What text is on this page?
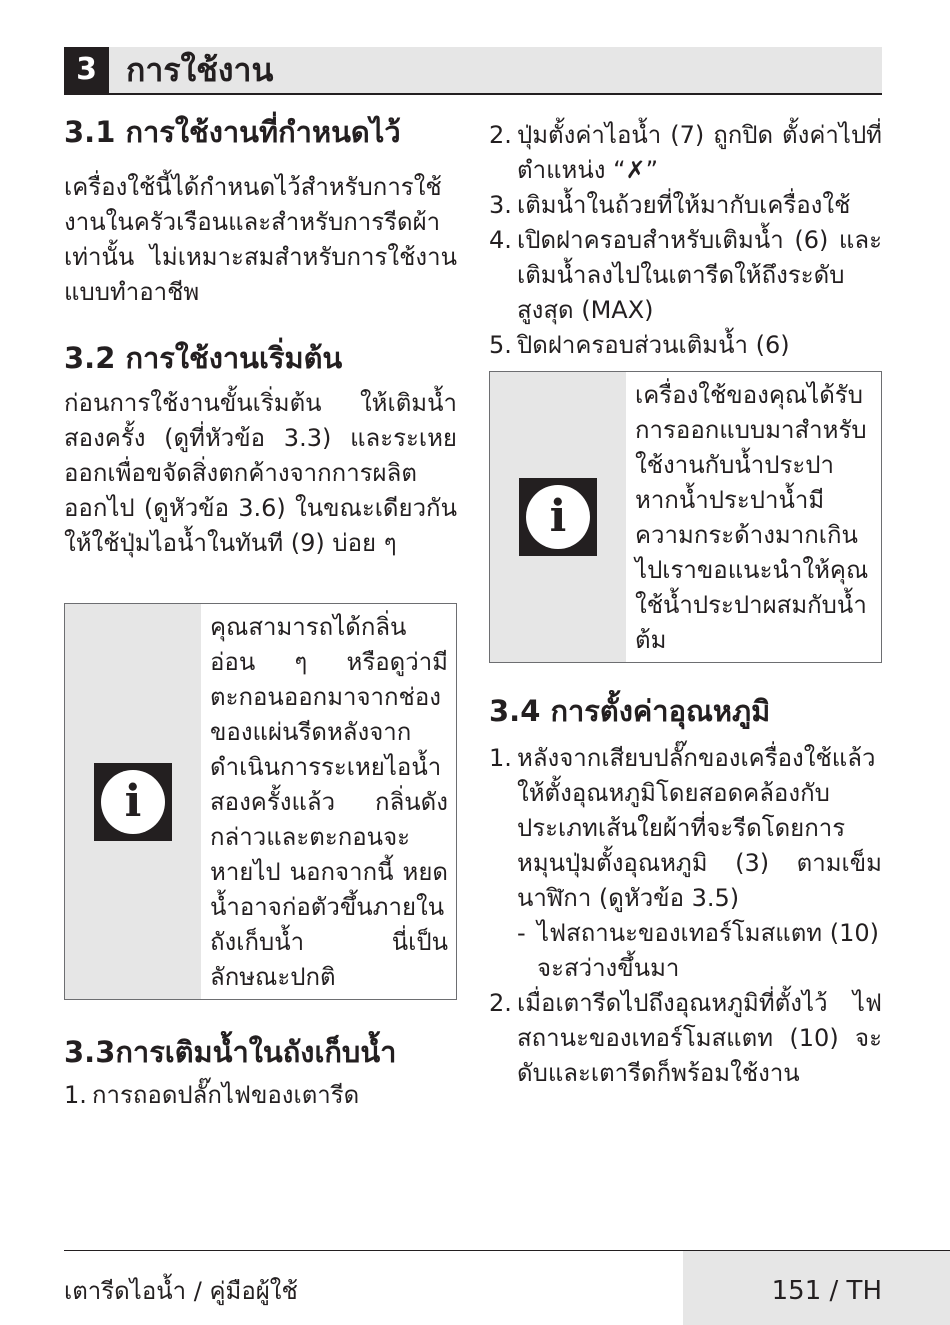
3 การใช้งาน
3.1 การใช้งานที่กำหนดไว้

เครื่องใช้นี้ได้กำหนดไว้สำหรับการใช้งานในครัวเรือนและสำหรับการรีดผ้าเท่านั้น ไม่เหมาะสมสำหรับการใช้งานแบบทำอาชีพ

3.2 การใช้งานเริ่มต้น

ก่อนการใช้งานขั้นเริ่มต้น ให้เติมน้ำสองครั้ง (ดูที่หัวข้อ 3.3) และระเหยออกเพื่อขจัดสิ่งตกค้างจากการผลิตออกไป (ดูหัวข้อ 3.6) ในขณะเดียวกัน ให้ใช้ปุ่มไอน้ำในทันที (9) บ่อย ๆ

i
คุณสามารถได้กลิ่นอ่อน ๆ หรือดูว่ามีตะกอนออกมาจากช่องของแผ่นรีดหลังจากดำเนินการระเหยไอน้ำสองครั้งแล้ว กลิ่นดังกล่าวและตะกอนจะหายไป นอกจากนี้ หยดน้ำอาจก่อตัวขึ้นภายในถังเก็บน้ำ นี่เป็นลักษณะปกติ
3.3การเติมน้ำในถังเก็บน้ำ
1. การถอดปลั๊กไฟของเตารีด
2. ปุ่มตั้งค่าไอน้ำ (7) ถูกปิด ตั้งค่าไปที่ตำแหน่ง “✗”
3. เติมน้ำในถ้วยที่ให้มากับเครื่องใช้
4. เปิดฝาครอบสำหรับเติมน้ำ (6) และเติมน้ำลงไปในเตารีดให้ถึงระดับสูงสุด (MAX)
5. ปิดฝาครอบส่วนเติมน้ำ (6)
i
เครื่องใช้ของคุณได้รับการออกแบบมาสำหรับใช้งานกับน้ำประปา หากน้ำประปาน้ำมีความกระด้างมากเกินไปเราขอแนะนำให้คุณใช้น้ำประปาผสมกับน้ำต้ม
3.4 การตั้งค่าอุณหภูมิ
1. หลังจากเสียบปลั๊กของเครื่องใช้แล้ว ให้ตั้งอุณหภูมิโดยสอดคล้องกับประเภทเส้นใยผ้าที่จะรีดโดยการหมุนปุ่มตั้งอุณหภูมิ (3) ตามเข็มนาฬิกา (ดูหัวข้อ 3.5)
- ไฟสถานะของเทอร์โมสแตท (10) จะสว่างขึ้นมา
2. เมื่อเตารีดไปถึงอุณหภูมิที่ตั้งไว้ ไฟสถานะของเทอร์โมสแตท (10) จะดับและเตารีดก็พร้อมใช้งาน
เตารีดไอน้ำ / คู่มือผู้ใช้	151 / TH
